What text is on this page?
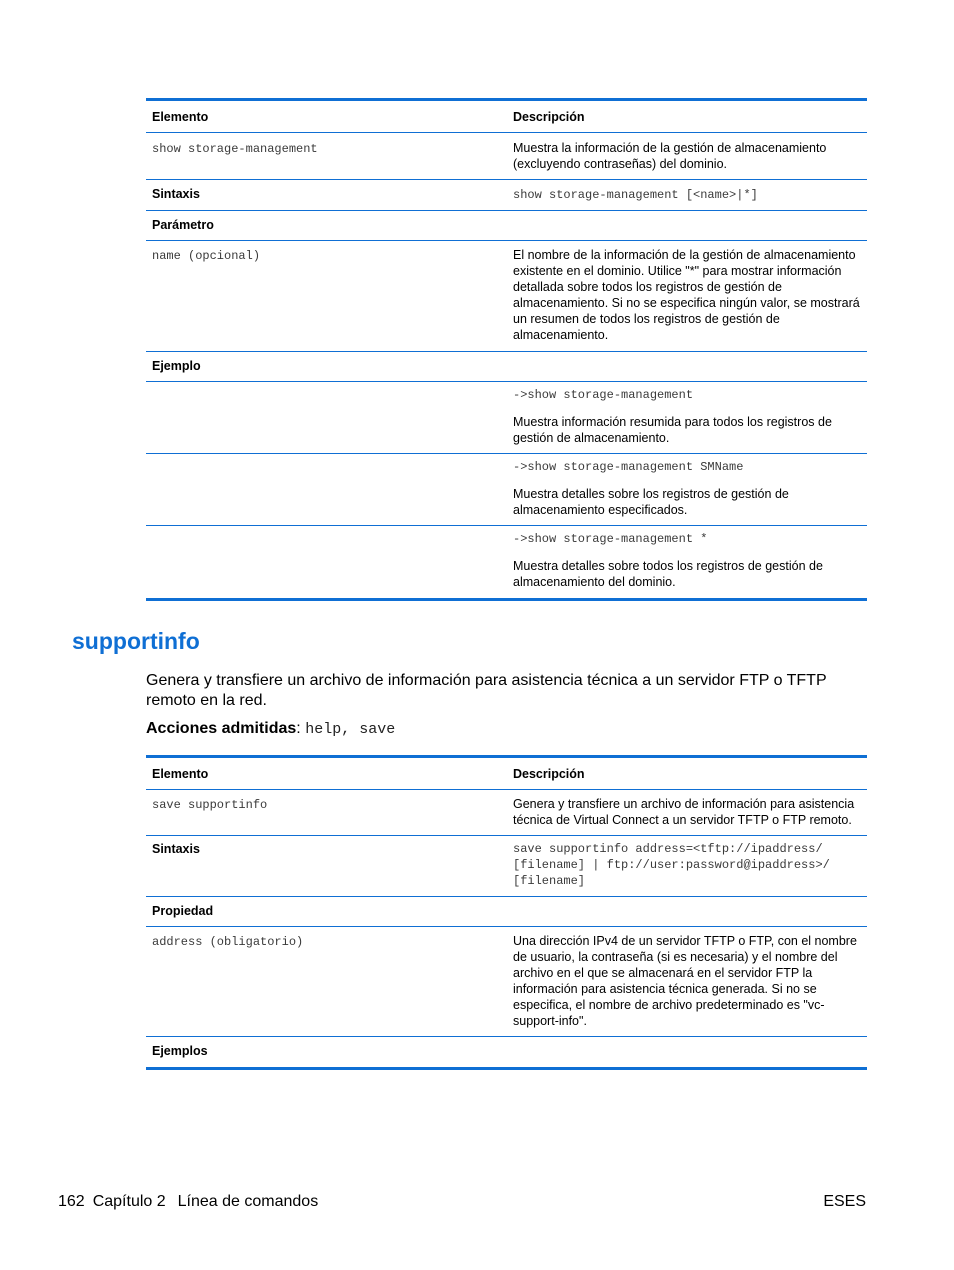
Elemento	Descripción
show storage-management	Muestra la información de la gestión de almacenamiento (excluyendo contraseñas) del dominio.

Sintaxis	show storage-management [<name>|*]
Parámetro	
name (opcional)	El nombre de la información de la gestión de almacenamiento existente en el dominio. Utilice "*" para mostrar información detallada sobre todos los registros de gestión de almacenamiento. Si no se especifica ningún valor, se mostrará un resumen de todos los registros de gestión de almacenamiento.

Ejemplo	

	->show storage-management

Muestra información resumida para todos los registros de gestión de almacenamiento.

	->show storage-management SMName

Muestra detalles sobre los registros de gestión de almacenamiento especificados.

	->show storage-management *

Muestra detalles sobre todos los registros de gestión de almacenamiento del dominio.

supportinfo

Genera y transfiere un archivo de información para asistencia técnica a un servidor FTP o TFTP remoto en la red.

Acciones admitidas: help, save

Elemento	Descripción
save supportinfo	Genera y transfiere un archivo de información para asistencia técnica de Virtual Connect a un servidor TFTP o FTP remoto.

Sintaxis	save supportinfo address=<tftp://ipaddress/

[filename] | ftp://user:password@ipaddress>/

[filename]

Propiedad	
address (obligatorio)	Una dirección IPv4 de un servidor TFTP o FTP, con el nombre de usuario, la contraseña (si es necesaria) y el nombre del archivo en el que se almacenará en el servidor FTP la información para asistencia técnica generada. Si no se especifica, el nombre de archivo predeterminado es "vc-support-info".

Ejemplos	
162 Capítulo 2 Línea de comandos	ESES
